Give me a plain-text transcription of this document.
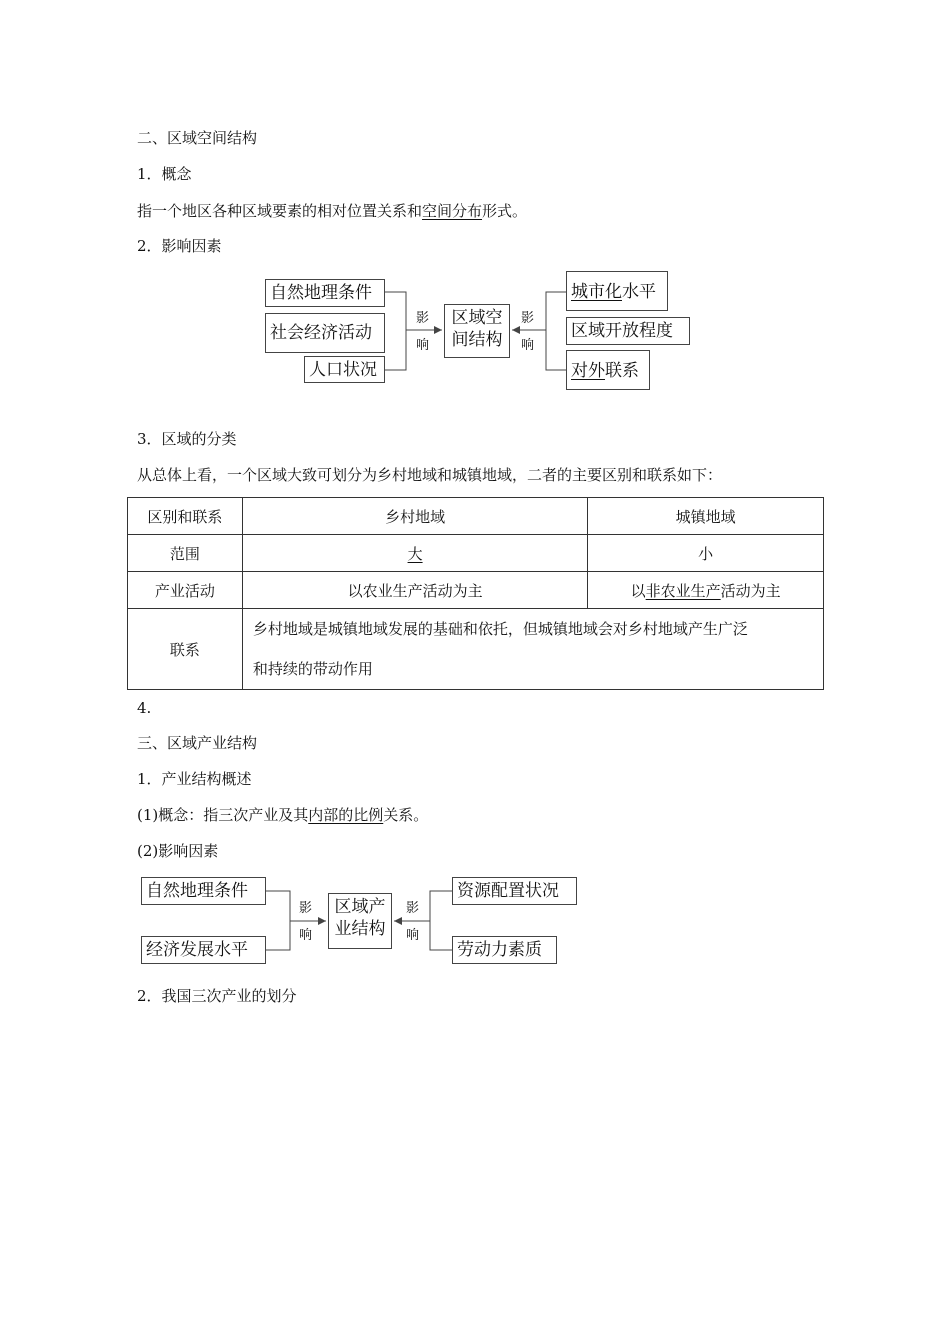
二、区域空间结构
1．概念
指一个地区各种区域要素的相对位置关系和空间分布形式。
2．影响因素
自然地理条件
社会经济活动
人口状况
影
响
区域空
间结构
影
响
城市化水平
区域开放程度
对外联系
3．区域的分类
从总体上看，一个区域大致可划分为乡村地域和城镇地域，二者的主要区别和联系如下：
区别和联系	乡村地域	城镇地域
范围	大	小
产业活动	以农业生产活动为主	以非农业生产活动为主
联系	乡村地域是城镇地域发展的基础和依托，但城镇地域会对乡村地域产生广泛
和持续的带动作用	
4.
三、区域产业结构
1．产业结构概述
(1)概念：指三次产业及其内部的比例关系。
(2)影响因素
自然地理条件
经济发展水平
影
响
区域产
业结构
影
响
资源配置状况
劳动力素质
2．我国三次产业的划分
